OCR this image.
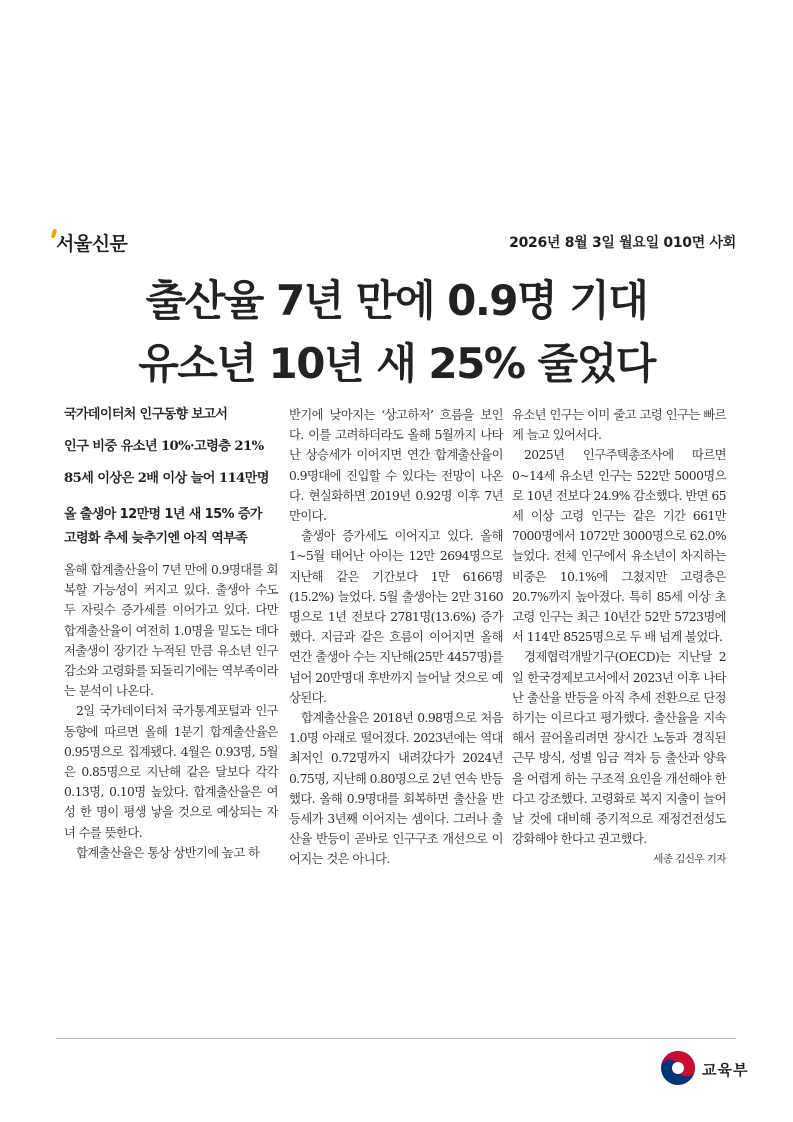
서울신문	2026년 8월 3일 월요일 010면 사회
출산율 7년 만에 0.9명 기대
유소년 10년 새 25% 줄었다
국가데이터처 인구동향 보고서
인구 비중 유소년 10%·고령층 21%
85세 이상은 2배 이상 늘어 114만명
올 출생아 12만명 1년 새 15% 증가
고령화 추세 늦추기엔 아직 역부족

올해 합계출산율이 7년 만에 0.9명대를 회복할 가능성이 커지고 있다. 출생아 수도 두 자릿수 증가세를 이어가고 있다. 다만 합계출산율이 여전히 1.0명을 밑도는 데다 저출생이 장기간 누적된 만큼 유소년 인구 감소와 고령화를 되돌리기에는 역부족이라는 분석이 나온다.

2일 국가데이터처 국가통계포털과 인구동향에 따르면 올해 1분기 합계출산율은 0.95명으로 집계됐다. 4월은 0.93명, 5월은 0.85명으로 지난해 같은 달보다 각각 0.13명, 0.10명 높았다. 합계출산율은 여성 한 명이 평생 낳을 것으로 예상되는 자녀 수를 뜻한다.

합계출산율은 통상 상반기에 높고 하

반기에 낮아지는 ‘상고하저’ 흐름을 보인다. 이를 고려하더라도 올해 5월까지 나타난 상승세가 이어지면 연간 합계출산율이 0.9명대에 진입할 수 있다는 전망이 나온다. 현실화하면 2019년 0.92명 이후 7년 만이다.

출생아 증가세도 이어지고 있다. 올해 1~5월 태어난 아이는 12만 2694명으로 지난해 같은 기간보다 1만 6166명(15.2%) 늘었다. 5월 출생아는 2만 3160명으로 1년 전보다 2781명(13.6%) 증가했다. 지금과 같은 흐름이 이어지면 올해 연간 출생아 수는 지난해(25만 4457명)를 넘어 20만명대 후반까지 늘어날 것으로 예상된다.

합계출산율은 2018년 0.98명으로 처음 1.0명 아래로 떨어졌다. 2023년에는 역대 최저인 0.72명까지 내려갔다가 2024년 0.75명, 지난해 0.80명으로 2년 연속 반등했다. 올해 0.9명대를 회복하면 출산율 반등세가 3년째 이어지는 셈이다. 그러나 출산율 반등이 곧바로 인구구조 개선으로 이어지는 것은 아니다.

유소년 인구는 이미 줄고 고령 인구는 빠르게 늘고 있어서다.

2025년 인구주택총조사에 따르면 0~14세 유소년 인구는 522만 5000명으로 10년 전보다 24.9% 감소했다. 반면 65세 이상 고령 인구는 같은 기간 661만 7000명에서 1072만 3000명으로 62.0% 늘었다. 전체 인구에서 유소년이 차지하는 비중은 10.1%에 그쳤지만 고령층은 20.7%까지 높아졌다. 특히 85세 이상 초고령 인구는 최근 10년간 52만 5723명에서 114만 8525명으로 두 배 넘게 불었다.

경제협력개발기구(OECD)는 지난달 2일 한국경제보고서에서 2023년 이후 나타난 출산율 반등을 아직 추세 전환으로 단정하기는 이르다고 평가했다. 출산율을 지속해서 끌어올리려면 장시간 노동과 경직된 근무 방식, 성별 임금 격차 등 출산과 양육을 어렵게 하는 구조적 요인을 개선해야 한다고 강조했다. 고령화로 복지 지출이 늘어날 것에 대비해 중기적으로 재정건전성도 강화해야 한다고 권고했다.

세종 김신우 기자
교육부
